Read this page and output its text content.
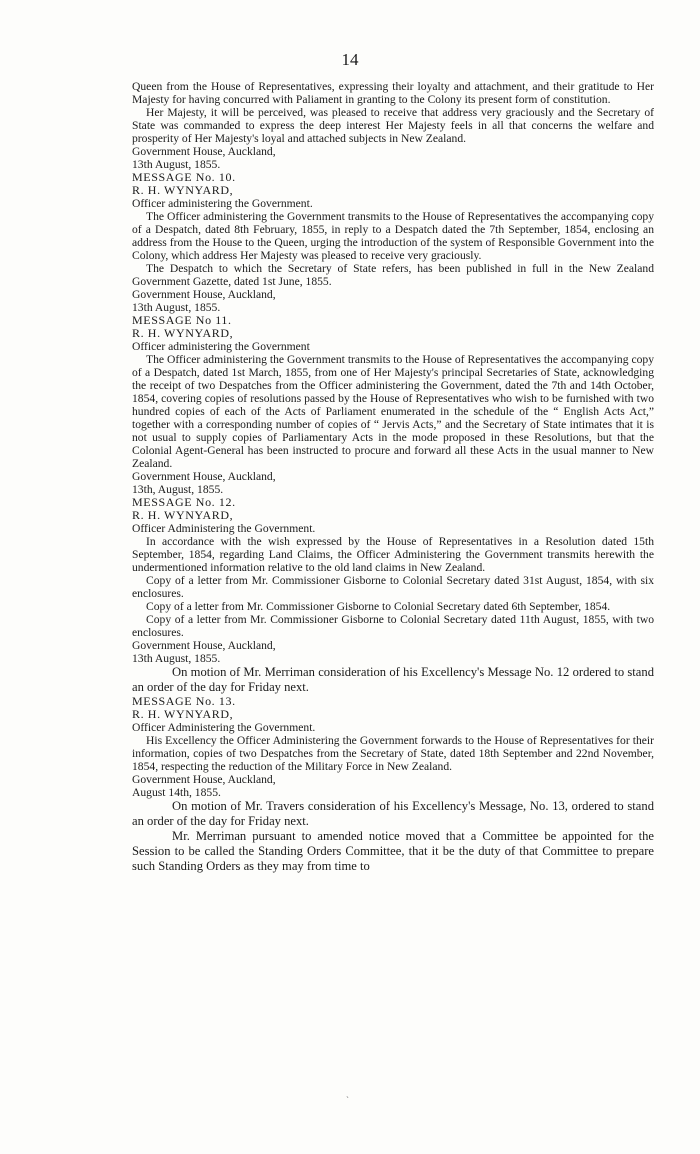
14

Queen from the House of Representatives, expressing their loyalty and attachment, and their gratitude to Her Majesty for having concurred with Paliament in granting to the Colony its present form of constitution.

Her Majesty, it will be perceived, was pleased to receive that address very graciously and the Secretary of State was commanded to express the deep interest Her Majesty feels in all that concerns the welfare and prosperity of Her Majesty's loyal and attached subjects in New Zealand.

Government House, Auckland,

13th August, 1855.

MESSAGE No. 10.

R. H. WYNYARD,

Officer administering the Government.

The Officer administering the Government transmits to the House of Representatives the accompanying copy of a Despatch, dated 8th February, 1855, in reply to a Despatch dated the 7th September, 1854, enclosing an address from the House to the Queen, urging the introduction of the system of Responsible Government into the Colony, which address Her Majesty was pleased to receive very graciously.

The Despatch to which the Secretary of State refers, has been published in full in the New Zealand Government Gazette, dated 1st June, 1855.

Government House, Auckland,

13th August, 1855.

MESSAGE No 11.

R. H. WYNYARD,

Officer administering the Government

The Officer administering the Government transmits to the House of Representatives the accompanying copy of a Despatch, dated 1st March, 1855, from one of Her Majesty's principal Secretaries of State, acknowledging the receipt of two Despatches from the Officer administering the Government, dated the 7th and 14th October, 1854, covering copies of resolutions passed by the House of Representatives who wish to be furnished with two hundred copies of each of the Acts of Parliament enumerated in the schedule of the “ English Acts Act,” together with a corresponding number of copies of “ Jervis Acts,” and the Secretary of State intimates that it is not usual to supply copies of Parliamentary Acts in the mode proposed in these Resolutions, but that the Colonial Agent-General has been instructed to procure and forward all these Acts in the usual manner to New Zealand.

Government House, Auckland,

13th, August, 1855.

MESSAGE No. 12.

R. H. WYNYARD,

Officer Administering the Government.

In accordance with the wish expressed by the House of Representatives in a Resolution dated 15th September, 1854, regarding Land Claims, the Officer Administering the Government transmits herewith the undermentioned information relative to the old land claims in New Zealand.

Copy of a letter from Mr. Commissioner Gisborne to Colonial Secretary dated 31st August, 1854, with six enclosures.

Copy of a letter from Mr. Commissioner Gisborne to Colonial Secretary dated 6th September, 1854.

Copy of a letter from Mr. Commissioner Gisborne to Colonial Secretary dated 11th August, 1855, with two enclosures.

Government House, Auckland,

13th August, 1855.

On motion of Mr. Merriman consideration of his Excellency's Message No. 12 ordered to stand an order of the day for Friday next.

MESSAGE No. 13.

R. H. WYNYARD,

Officer Administering the Government.

His Excellency the Officer Administering the Government forwards to the House of Representatives for their information, copies of two Despatches from the Secretary of State, dated 18th September and 22nd November, 1854, respecting the reduction of the Military Force in New Zealand.

Government House, Auckland,

August 14th, 1855.

On motion of Mr. Travers consideration of his Excellency's Message, No. 13, ordered to stand an order of the day for Friday next.

Mr. Merriman pursuant to amended notice moved that a Committee be appointed for the Session to be called the Standing Orders Committee, that it be the duty of that Committee to prepare such Standing Orders as they may from time to

ˏ
